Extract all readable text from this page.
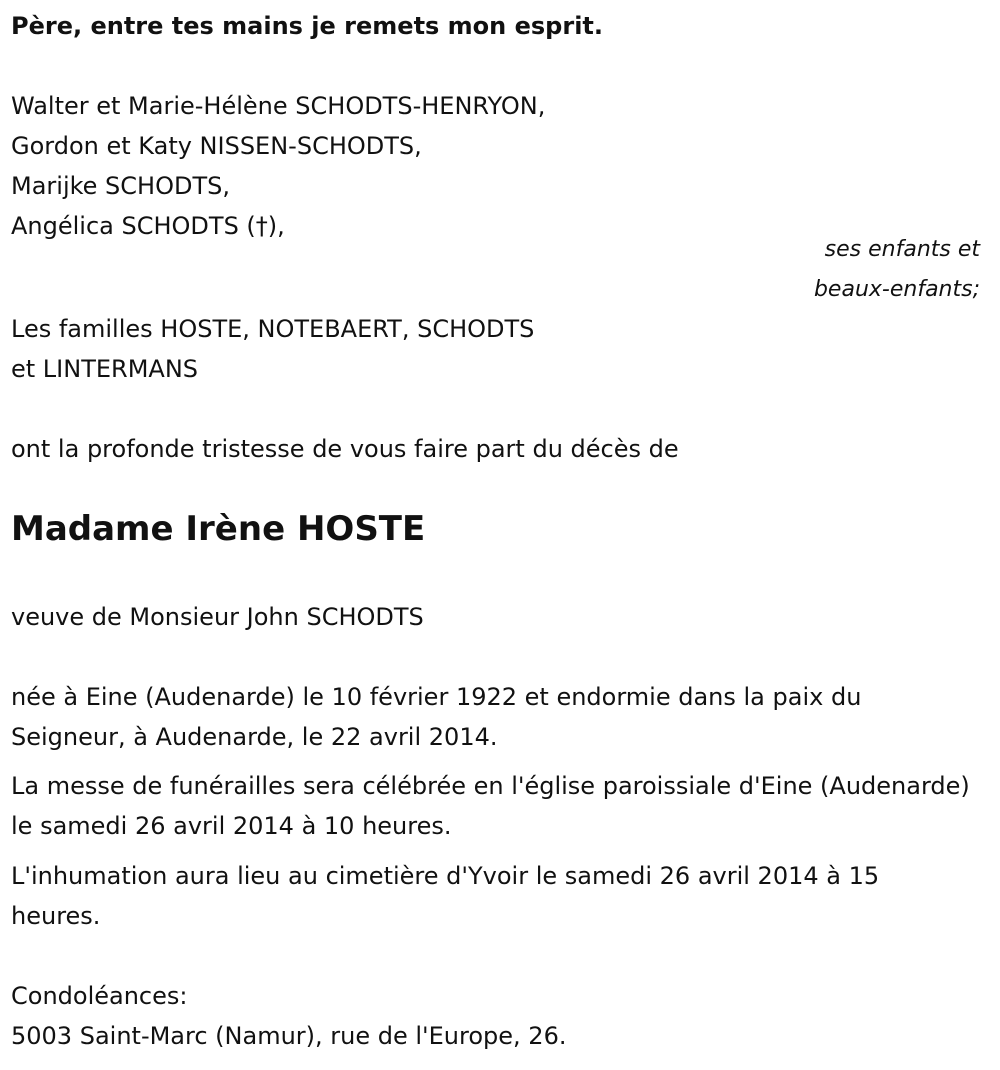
Père, entre tes mains je remets mon esprit.
Walter et Marie-Hélène SCHODTS-HENRYON,
Gordon et Katy NISSEN-SCHODTS,
Marijke SCHODTS,
Angélica SCHODTS (†),
ses enfants et
beaux-enfants;
Les familles HOSTE, NOTEBAERT, SCHODTS
et LINTERMANS
ont la profonde tristesse de vous faire part du décès de
Madame Irène HOSTE
veuve de Monsieur John SCHODTS
née à Eine (Audenarde) le 10 février 1922 et endormie dans la paix du Seigneur, à Audenarde, le 22 avril 2014.
La messe de funérailles sera célébrée en l'église paroissiale d'Eine (Audenarde) le samedi 26 avril 2014 à 10 heures.
L'inhumation aura lieu au cimetière d'Yvoir le samedi 26 avril 2014 à 15 heures.
Condoléances:
5003 Saint-Marc (Namur), rue de l'Europe, 26.
